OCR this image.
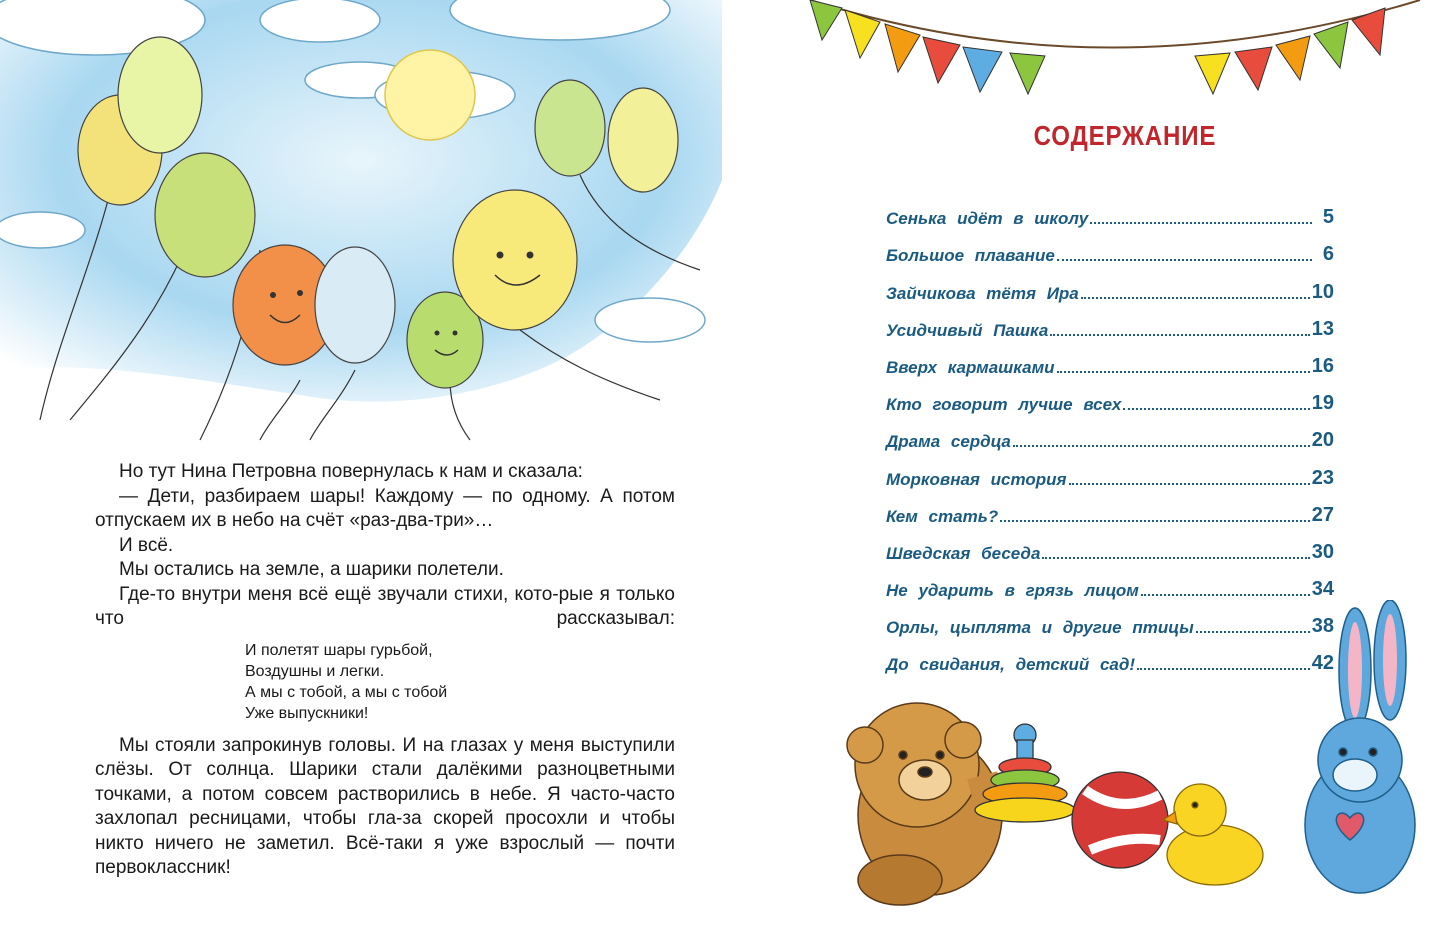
Но тут Нина Петровна повернулась к нам и сказала:

— Дети, разбираем шары! Каждому — по одному. А потом отпускаем их в небо на счёт «раз-два-три»…

И всё.

Мы остались на земле, а шарики полетели.

Где-то внутри меня всё ещё звучали стихи, кото-рые я только что рассказывал:

И полетят шары гурьбой,
Воздушны и легки.
А мы с тобой, а мы с тобой
Уже выпускники!

Мы стояли запрокинув головы. И на глазах у меня выступили слёзы. От солнца. Шарики стали далёкими разноцветными точками, а потом совсем растворились в небе. Я часто-часто захлопал ресницами, чтобы гла-за скорей просохли и чтобы никто ничего не заметил. Всё-таки я уже взрослый — почти первоклассник!

СОДЕРЖАНИЕ
Сенька идёт в школу	5
Большое плавание	6
Зайчикова тётя Ира	10
Усидчивый Пашка	13
Вверх кармашками	16
Кто говорит лучше всех	19
Драма сердца	20
Морковная история	23
Кем стать?	27
Шведская беседа	30
Не ударить в грязь лицом	34
Орлы, цыплята и другие птицы	38
До свидания, детский сад!	42
